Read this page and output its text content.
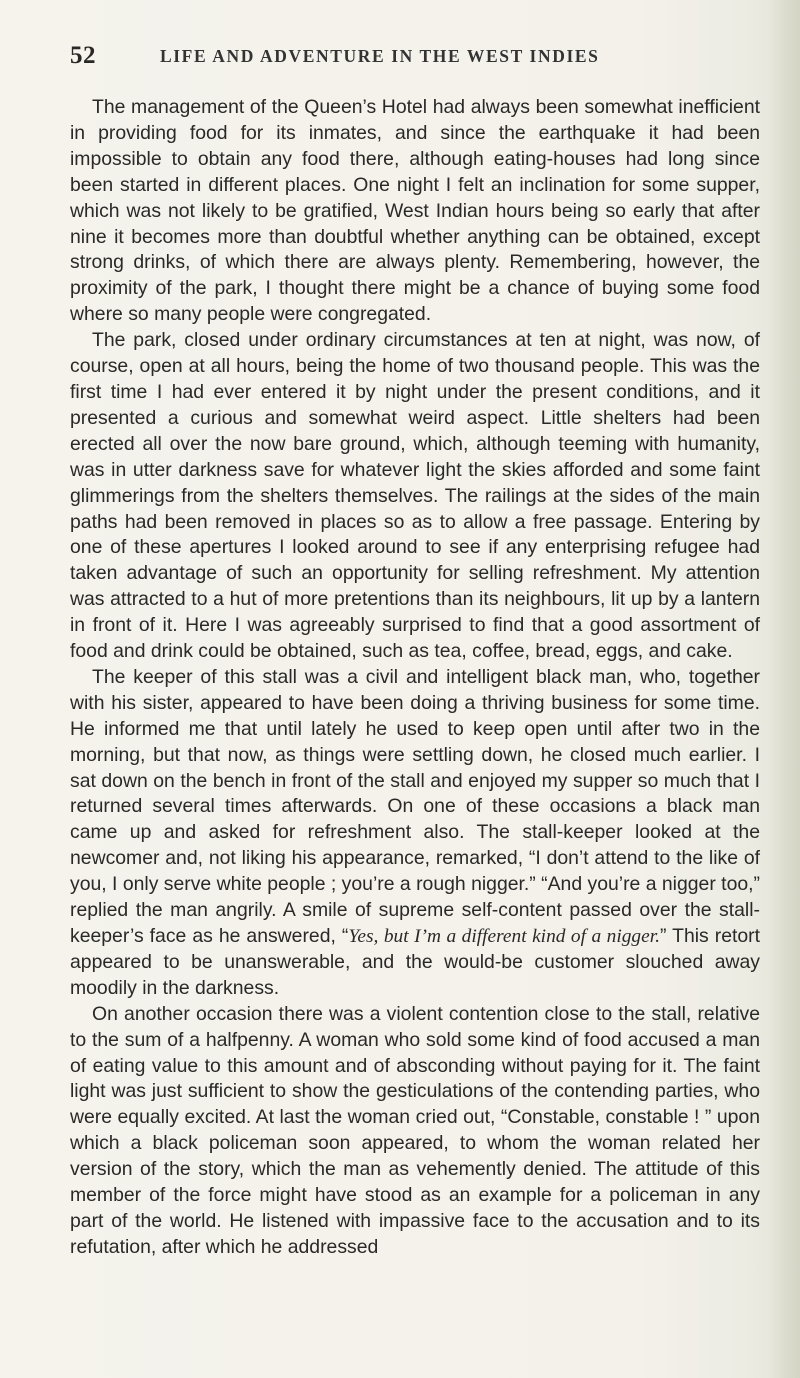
52	LIFE AND ADVENTURE IN THE WEST INDIES

The management of the Queen’s Hotel had always been somewhat inefficient in providing food for its inmates, and since the earthquake it had been impossible to obtain any food there, although eating-houses had long since been started in different places. One night I felt an inclination for some supper, which was not likely to be gratified, West Indian hours being so early that after nine it becomes more than doubtful whether anything can be obtained, except strong drinks, of which there are always plenty. Remembering, however, the proximity of the park, I thought there might be a chance of buying some food where so many people were congregated.

The park, closed under ordinary circumstances at ten at night, was now, of course, open at all hours, being the home of two thousand people. This was the first time I had ever entered it by night under the present conditions, and it presented a curious and somewhat weird aspect. Little shelters had been erected all over the now bare ground, which, although teeming with humanity, was in utter darkness save for whatever light the skies afforded and some faint glimmerings from the shelters themselves. The railings at the sides of the main paths had been removed in places so as to allow a free passage. Entering by one of these apertures I looked around to see if any enterprising refugee had taken advantage of such an opportunity for selling refreshment. My attention was attracted to a hut of more pretentions than its neighbours, lit up by a lantern in front of it. Here I was agreeably surprised to find that a good assortment of food and drink could be obtained, such as tea, coffee, bread, eggs, and cake.

The keeper of this stall was a civil and intelligent black man, who, together with his sister, appeared to have been doing a thriving business for some time. He informed me that until lately he used to keep open until after two in the morning, but that now, as things were settling down, he closed much earlier. I sat down on the bench in front of the stall and enjoyed my supper so much that I returned several times afterwards. On one of these occasions a black man came up and asked for refreshment also. The stall-keeper looked at the newcomer and, not liking his appearance, remarked, “I don’t attend to the like of you, I only serve white people ; you’re a rough nigger.” “And you’re a nigger too,” replied the man angrily. A smile of supreme self-content passed over the stall-keeper’s face as he answered, “Yes, but I’m a different kind of a nigger.” This retort appeared to be unanswerable, and the would-be customer slouched away moodily in the darkness.

On another occasion there was a violent contention close to the stall, relative to the sum of a halfpenny. A woman who sold some kind of food accused a man of eating value to this amount and of absconding without paying for it. The faint light was just sufficient to show the gesticulations of the contending parties, who were equally excited. At last the woman cried out, “Constable, constable ! ” upon which a black policeman soon appeared, to whom the woman related her version of the story, which the man as vehemently denied. The attitude of this member of the force might have stood as an example for a policeman in any part of the world. He listened with impassive face to the accusation and to its refutation, after which he addressed
